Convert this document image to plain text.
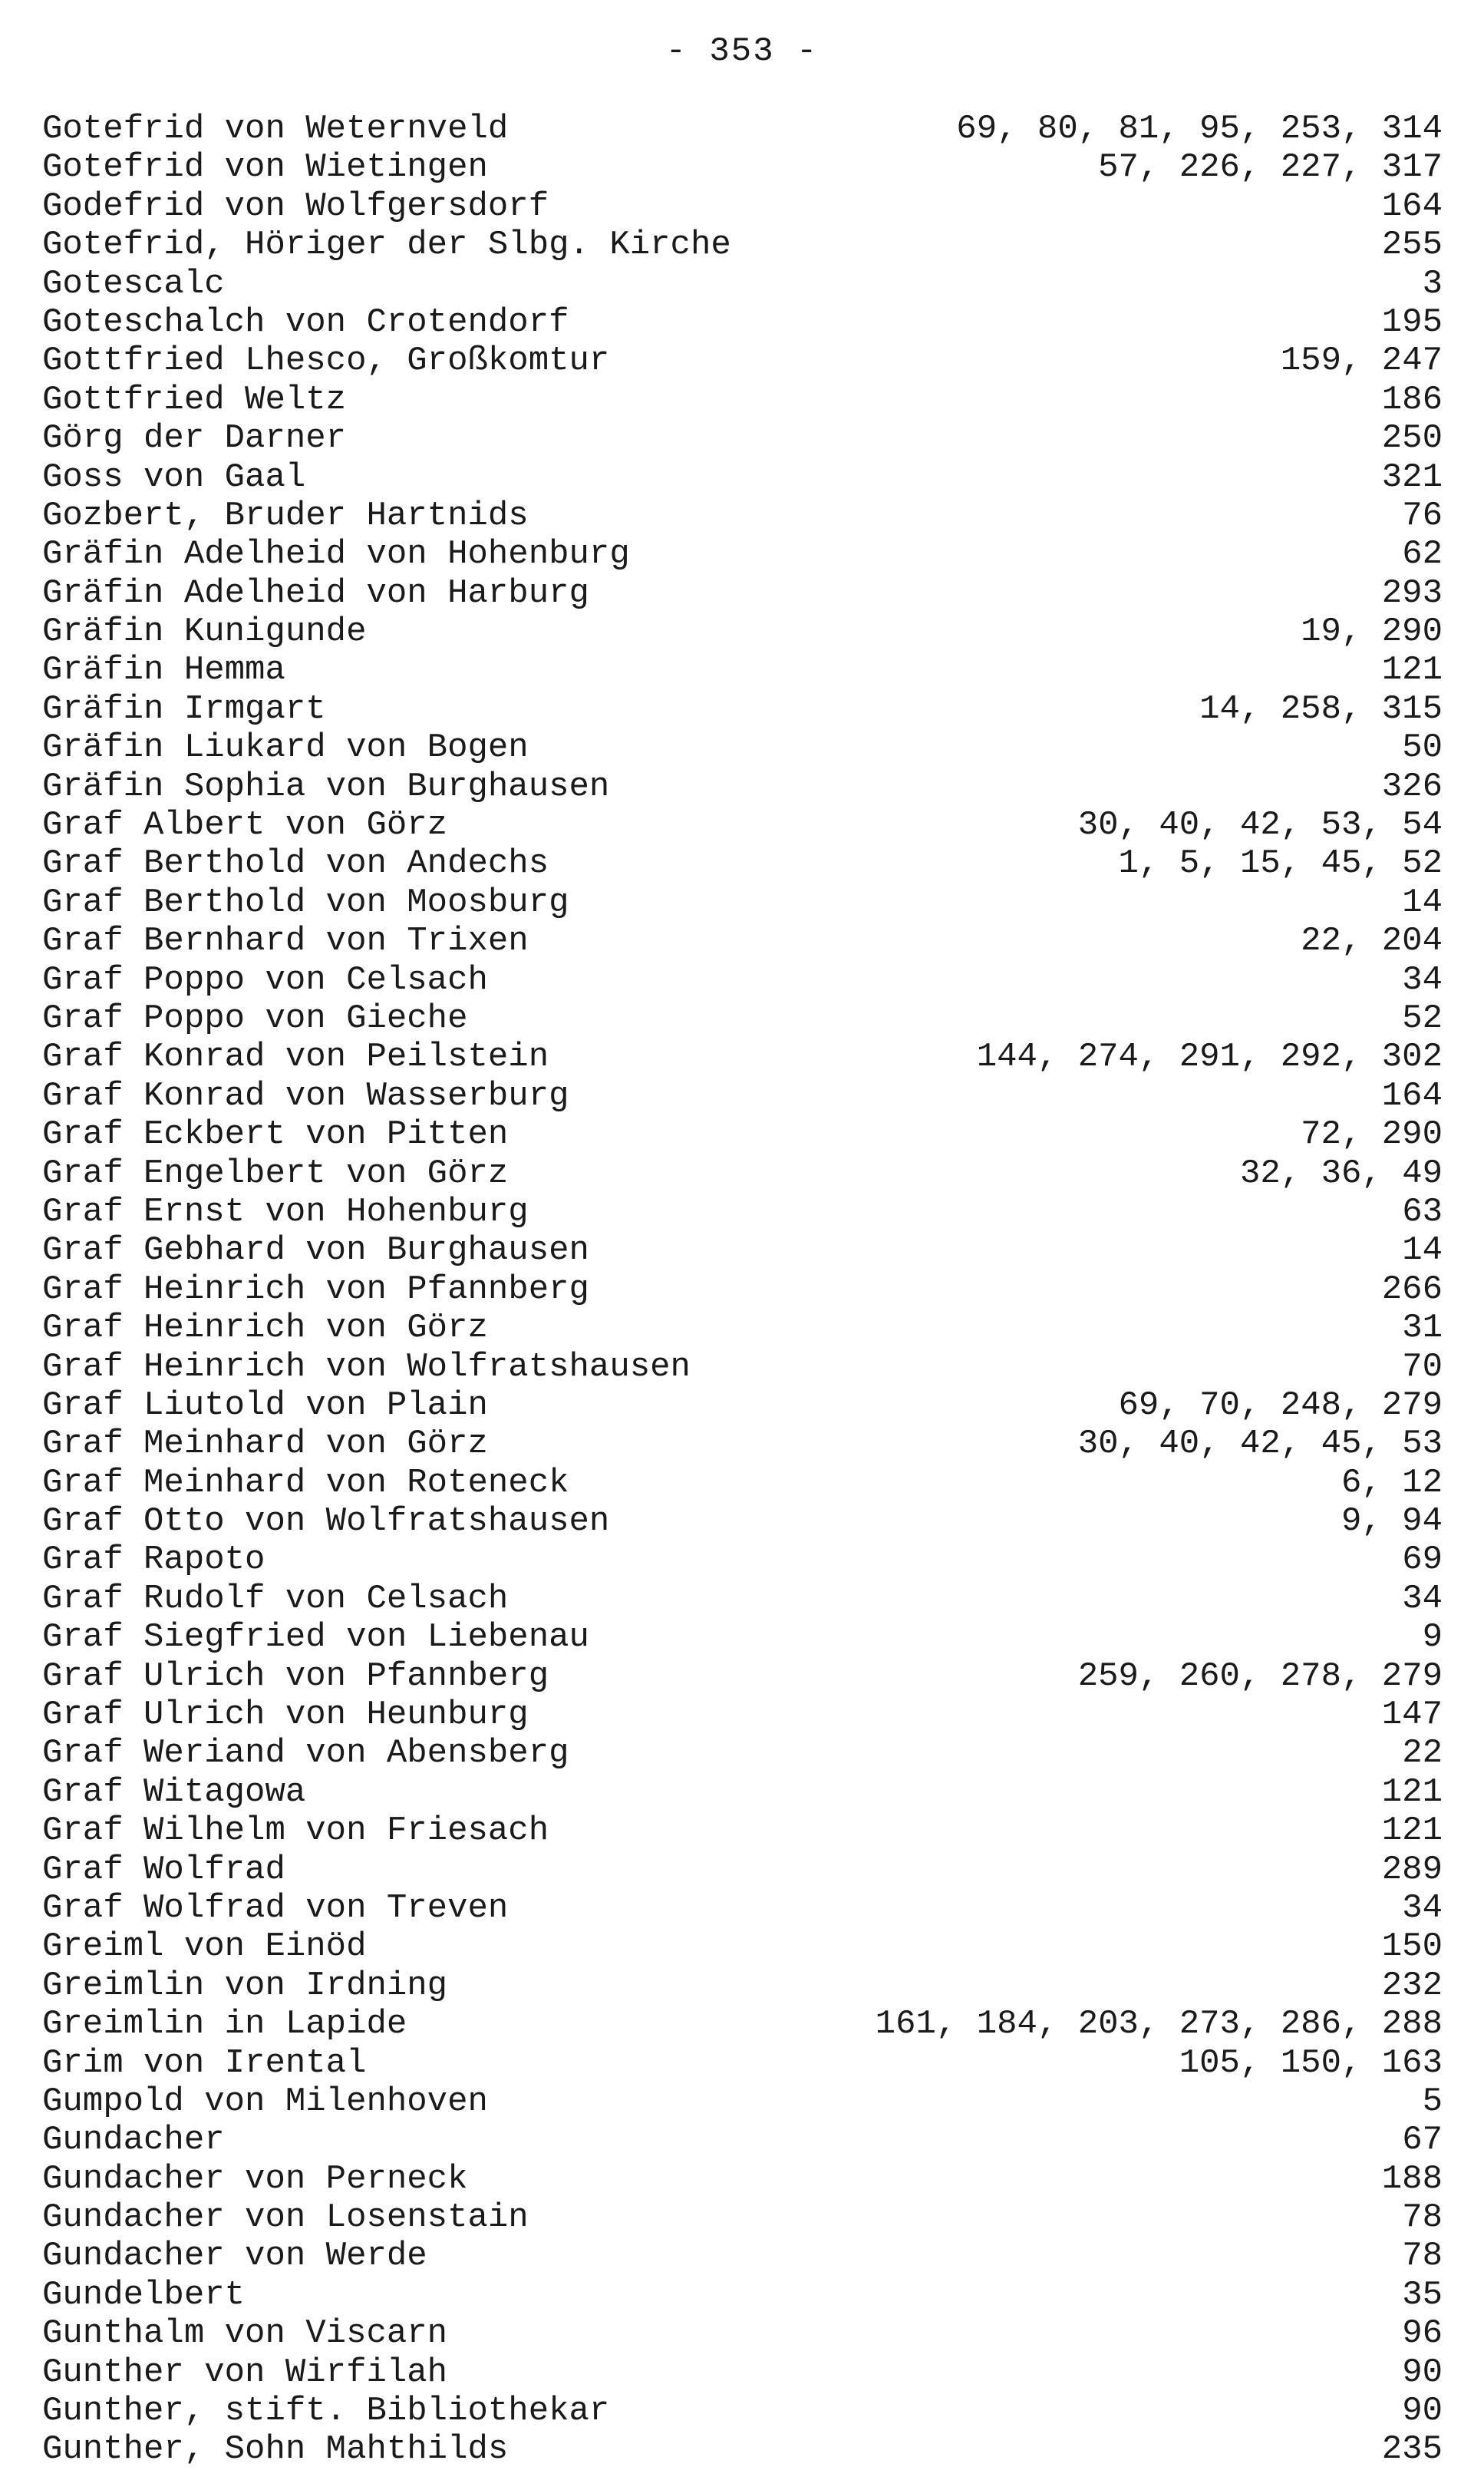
- 353 -
Gotefrid von Weternveld	69, 80, 81, 95, 253, 314
Gotefrid von Wietingen	57, 226, 227, 317
Godefrid von Wolfgersdorf	164
Gotefrid, Höriger der Slbg. Kirche	255
Gotescalc	3
Goteschalch von Crotendorf	195
Gottfried Lhesco, Großkomtur	159, 247
Gottfried Weltz	186
Görg der Darner	250
Goss von Gaal	321
Gozbert, Bruder Hartnids	76
Gräfin Adelheid von Hohenburg	62
Gräfin Adelheid von Harburg	293
Gräfin Kunigunde	19, 290
Gräfin Hemma	121
Gräfin Irmgart	14, 258, 315
Gräfin Liukard von Bogen	50
Gräfin Sophia von Burghausen	326
Graf Albert von Görz	30, 40, 42, 53, 54
Graf Berthold von Andechs	1, 5, 15, 45, 52
Graf Berthold von Moosburg	14
Graf Bernhard von Trixen	22, 204
Graf Poppo von Celsach	34
Graf Poppo von Gieche	52
Graf Konrad von Peilstein	144, 274, 291, 292, 302
Graf Konrad von Wasserburg	164
Graf Eckbert von Pitten	72, 290
Graf Engelbert von Görz	32, 36, 49
Graf Ernst von Hohenburg	63
Graf Gebhard von Burghausen	14
Graf Heinrich von Pfannberg	266
Graf Heinrich von Görz	31
Graf Heinrich von Wolfratshausen	70
Graf Liutold von Plain	69, 70, 248, 279
Graf Meinhard von Görz	30, 40, 42, 45, 53
Graf Meinhard von Roteneck	6, 12
Graf Otto von Wolfratshausen	9, 94
Graf Rapoto	69
Graf Rudolf von Celsach	34
Graf Siegfried von Liebenau	9
Graf Ulrich von Pfannberg	259, 260, 278, 279
Graf Ulrich von Heunburg	147
Graf Weriand von Abensberg	22
Graf Witagowa	121
Graf Wilhelm von Friesach	121
Graf Wolfrad	289
Graf Wolfrad von Treven	34
Greiml von Einöd	150
Greimlin von Irdning	232
Greimlin in Lapide	161, 184, 203, 273, 286, 288
Grim von Irental	105, 150, 163
Gumpold von Milenhoven	5
Gundacher	67
Gundacher von Perneck	188
Gundacher von Losenstain	78
Gundacher von Werde	78
Gundelbert	35
Gunthalm von Viscarn	96
Gunther von Wirfilah	90
Gunther, stift. Bibliothekar	90
Gunther, Sohn Mahthilds	235
